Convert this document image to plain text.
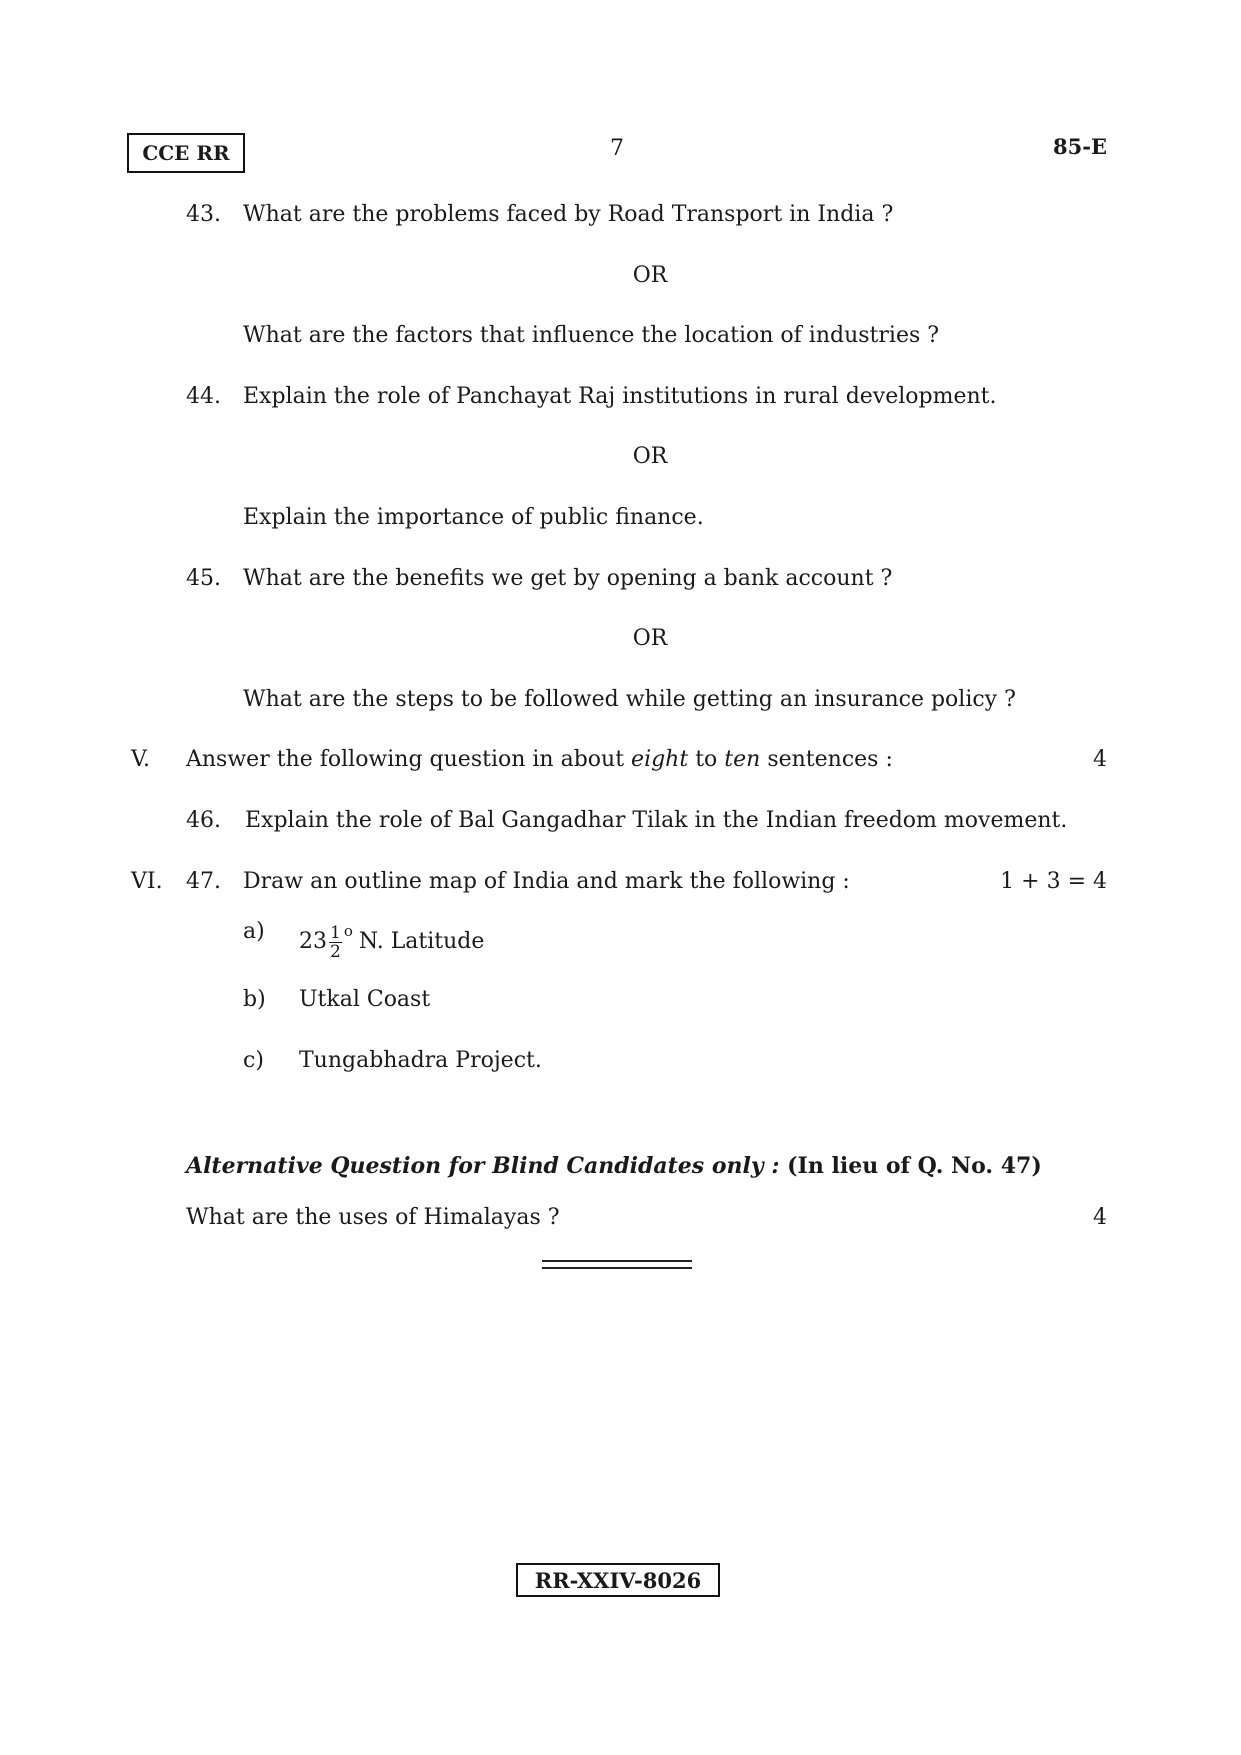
CCE RR	7	85-E
43. What are the problems faced by Road Transport in India ?
OR
What are the factors that influence the location of industries ?
44. Explain the role of Panchayat Raj institutions in rural development.
OR
Explain the importance of public finance.
45. What are the benefits we get by opening a bank account ?
OR
What are the steps to be followed while getting an insurance policy ?
V. Answer the following question in about eight to ten sentences :	4
46. Explain the role of Bal Gangadhar Tilak in the Indian freedom movement.
VI. 47. Draw an outline map of India and mark the following :	1 + 3 = 4
a) $23 \frac{1}{2} ^o$ N. Latitude
b) Utkal Coast
c) Tungabhadra Project.
Alternative Question for Blind Candidates only : (In lieu of Q. No. 47)
What are the uses of Himalayas ?	4
RR-XXIV-8026
